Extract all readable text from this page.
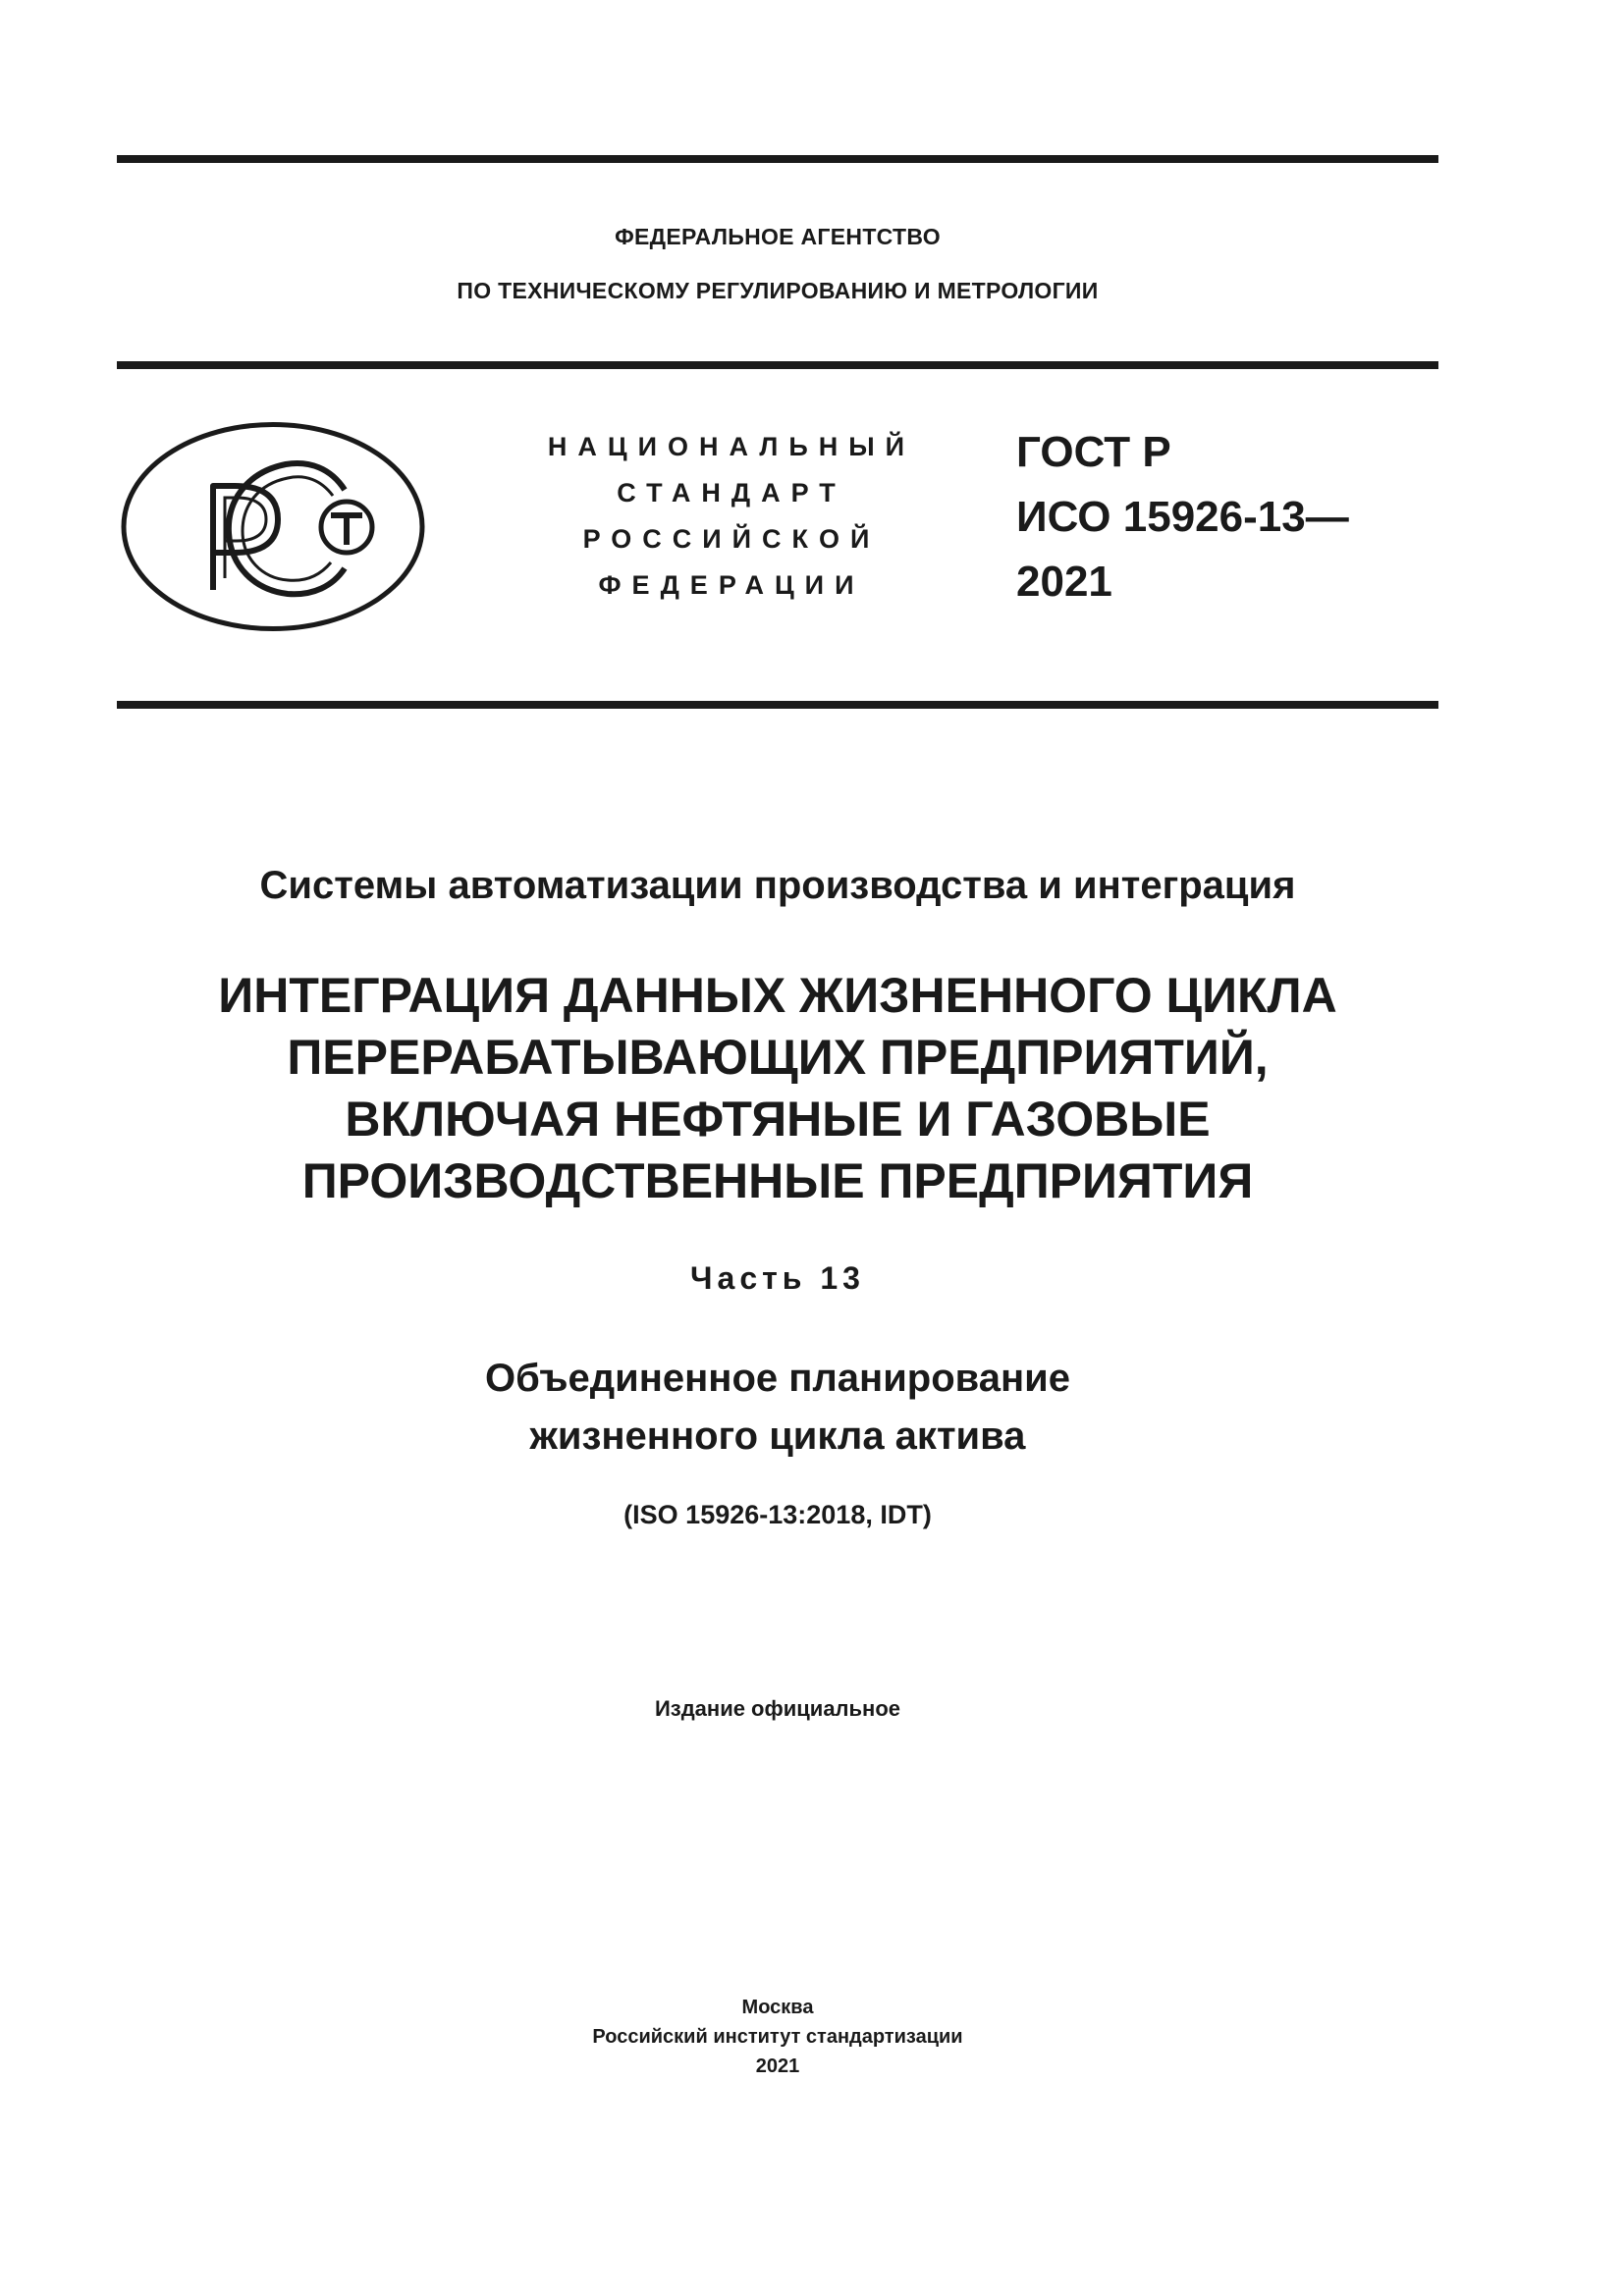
ФЕДЕРАЛЬНОЕ АГЕНТСТВО
ПО ТЕХНИЧЕСКОМУ РЕГУЛИРОВАНИЮ И МЕТРОЛОГИИ
НАЦИОНАЛЬНЫЙ
СТАНДАРТ
РОССИЙСКОЙ
ФЕДЕРАЦИИ
ГОСТ Р
ИСО 15926-13—
2021
Системы автоматизации производства и интеграция
ИНТЕГРАЦИЯ ДАННЫХ ЖИЗНЕННОГО ЦИКЛА
ПЕРЕРАБАТЫВАЮЩИХ ПРЕДПРИЯТИЙ,
ВКЛЮЧАЯ НЕФТЯНЫЕ И ГАЗОВЫЕ
ПРОИЗВОДСТВЕННЫЕ ПРЕДПРИЯТИЯ
Часть 13
Объединенное планирование
жизненного цикла актива
(ISO 15926-13:2018, IDT)
Издание официальное
Москва
Российский институт стандартизации
2021
